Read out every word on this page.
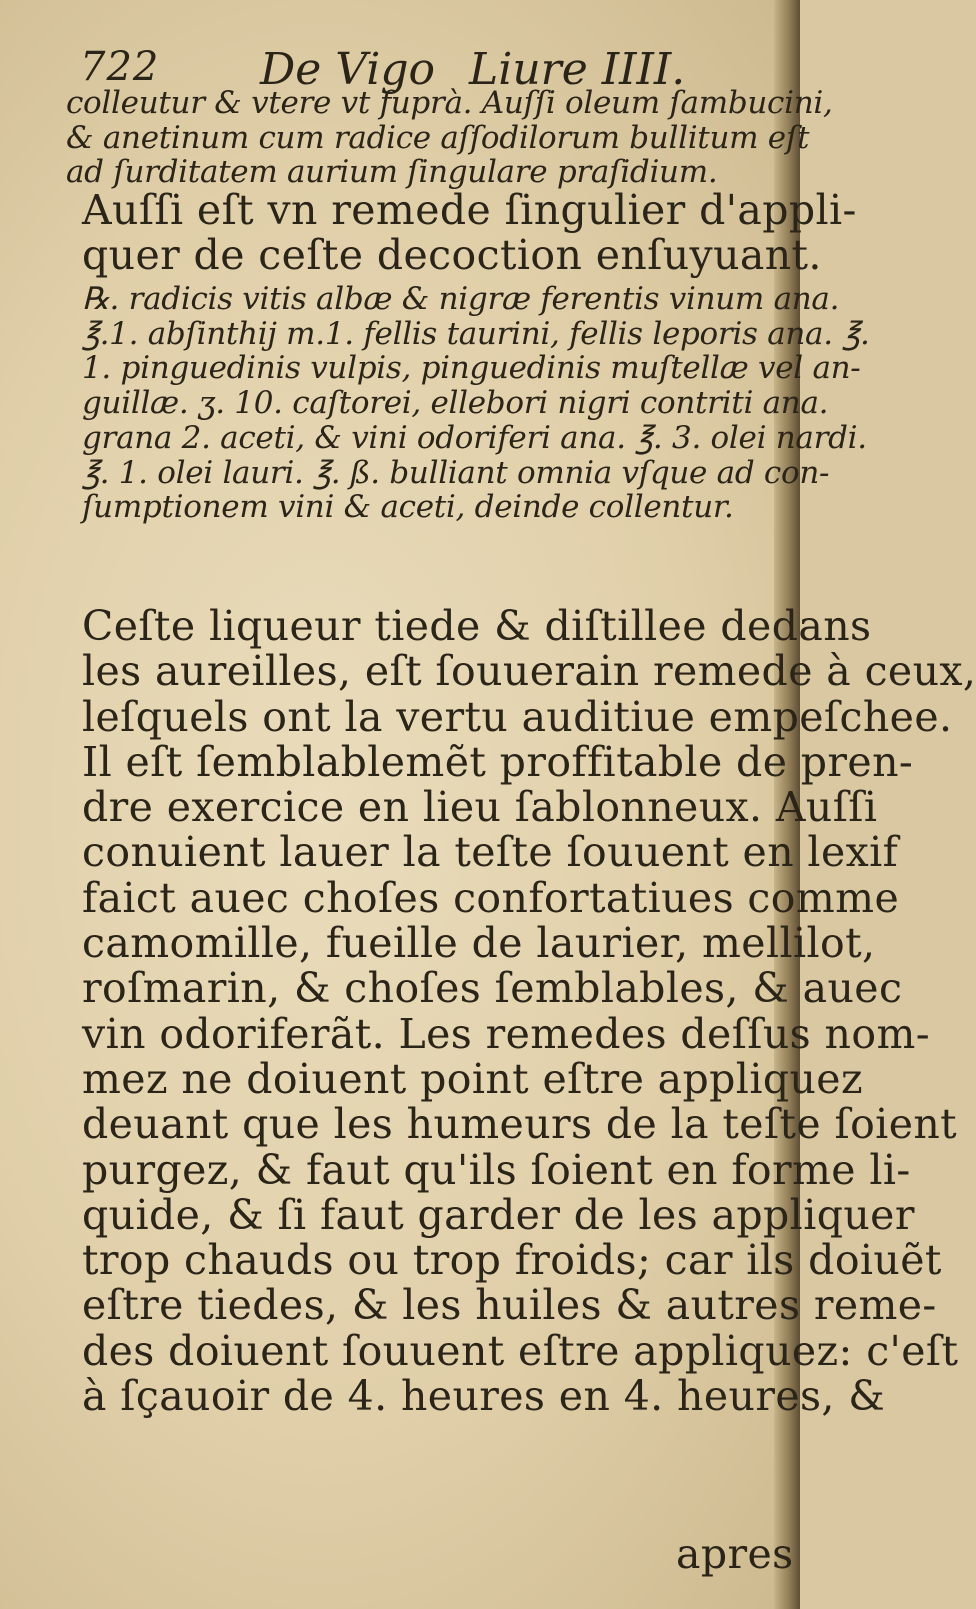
722 De Vigo Liure IIII.
colleutur & vtere vt fuprà. Auſſi oleum ſambucini,
& anetinum cum radice aſſodilorum bullitum eſt
ad ſurditatem aurium ſingulare praſidium.
Auſſi eſt vn remede ſingulier d'appli-
quer de ceſte decoction enſuyuant.
℞. radicis vitis albæ & nigræ ferentis vinum ana.
℥.1. abſinthij m.1. fellis taurini, fellis leporis ana. ℥.
1. pinguedinis vulpis, pinguedinis muſtellæ vel an-
guillæ. ʒ. 10. caſtorei, ellebori nigri contriti ana.
grana 2. aceti, & vini odoriferi ana. ℥. 3. olei nardi.
℥. 1. olei lauri. ℥. ß. bulliant omnia vſque ad con-
ſumptionem vini & aceti, deinde collentur.
Ceſte liqueur tiede & diſtillee dedans
les aureilles, eſt ſouuerain remede à ceux,
leſquels ont la vertu auditiue empeſchee.
Il eſt ſemblablemẽt proffitable de pren-
dre exercice en lieu ſablonneux. Auſſi
conuient lauer la teſte ſouuent en lexif
faict auec choſes confortatiues comme
camomille, fueille de laurier, mellilot,
roſmarin, & choſes ſemblables, & auec
vin odoriferãt. Les remedes deſſus nom-
mez ne doiuent point eſtre appliquez
deuant que les humeurs de la teſte ſoient
purgez, & faut qu'ils ſoient en forme li-
quide, & ſi faut garder de les appliquer
trop chauds ou trop froids; car ils doiuẽt
eſtre tiedes, & les huiles & autres reme-
des doiuent ſouuent eſtre appliquez: c'eſt
à ſçauoir de 4. heures en 4. heures, &
apres
